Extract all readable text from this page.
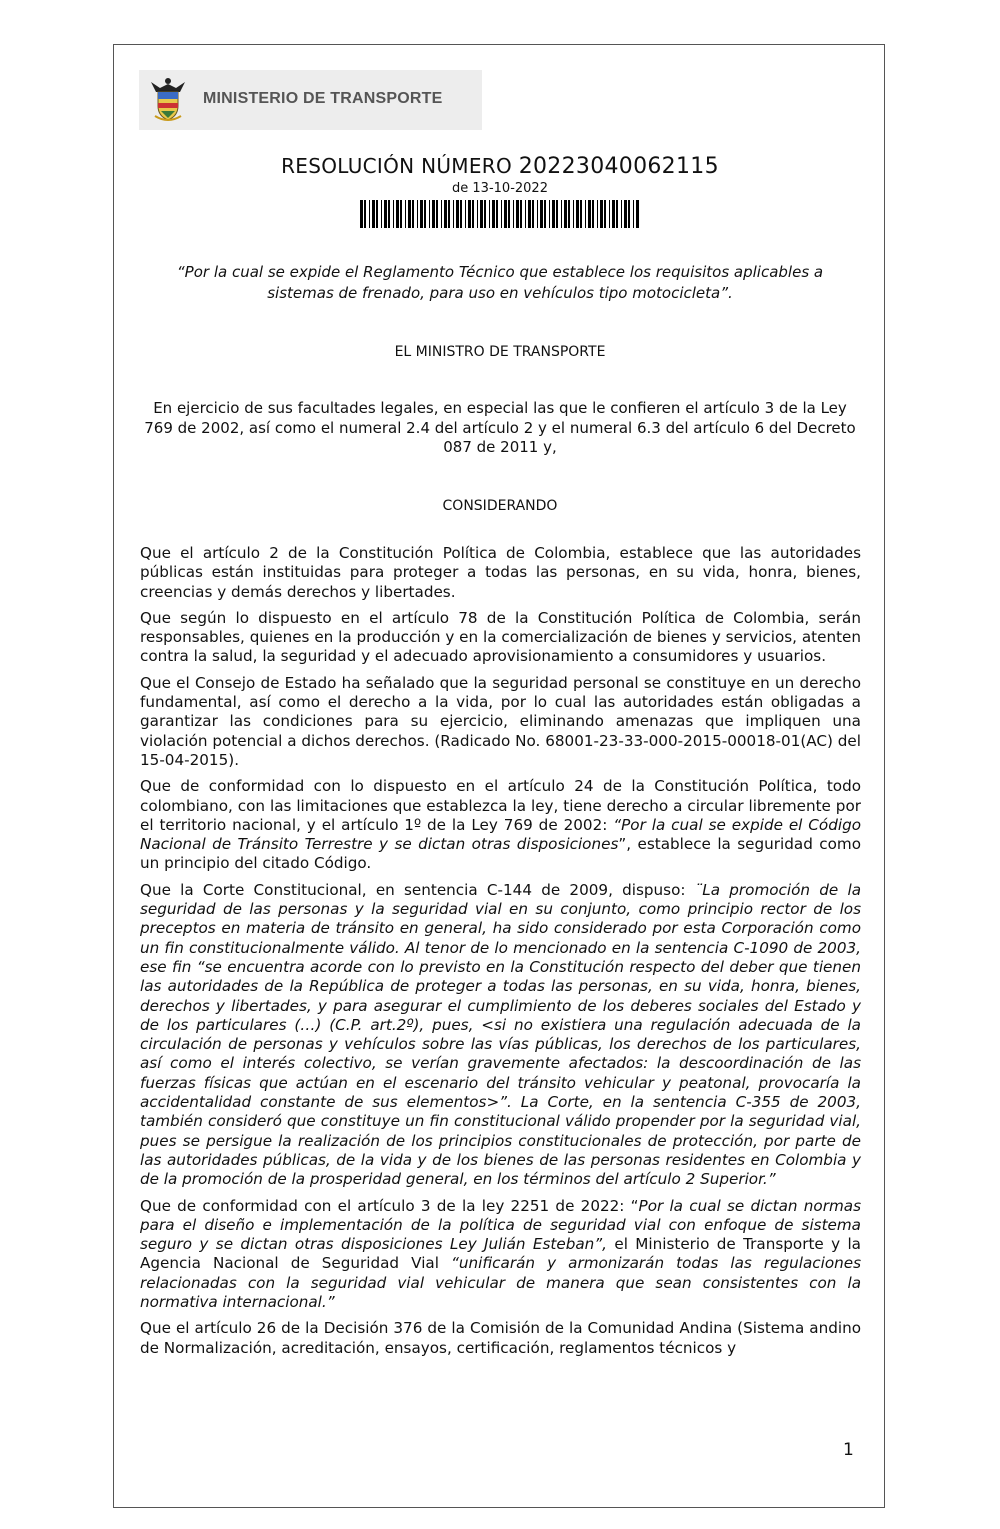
MINISTERIO DE TRANSPORTE
RESOLUCIÓN NÚMERO 20223040062115
de 13-10-2022
“Por la cual se expide el Reglamento Técnico que establece los requisitos aplicables a sistemas de frenado, para uso en vehículos tipo motocicleta”.
EL MINISTRO DE TRANSPORTE
En ejercicio de sus facultades legales, en especial las que le confieren el artículo 3 de la Ley 769 de 2002, así como el numeral 2.4 del artículo 2 y el numeral 6.3 del artículo 6 del Decreto 087 de 2011 y,
CONSIDERANDO

Que el artículo 2 de la Constitución Política de Colombia, establece que las autoridades públicas están instituidas para proteger a todas las personas, en su vida, honra, bienes, creencias y demás derechos y libertades.

Que según lo dispuesto en el artículo 78 de la Constitución Política de Colombia, serán responsables, quienes en la producción y en la comercialización de bienes y servicios, atenten contra la salud, la seguridad y el adecuado aprovisionamiento a consumidores y usuarios.

Que el Consejo de Estado ha señalado que la seguridad personal se constituye en un derecho fundamental, así como el derecho a la vida, por lo cual las autoridades están obligadas a garantizar las condiciones para su ejercicio, eliminando amenazas que impliquen una violación potencial a dichos derechos. (Radicado No. 68001-23-33-000-2015-00018-01(AC) del 15-04-2015).

Que de conformidad con lo dispuesto en el artículo 24 de la Constitución Política, todo colombiano, con las limitaciones que establezca la ley, tiene derecho a circular libremente por el territorio nacional, y el artículo 1º de la Ley 769 de 2002: “Por la cual se expide el Código Nacional de Tránsito Terrestre y se dictan otras disposiciones”, establece la seguridad como un principio del citado Código.

Que la Corte Constitucional, en sentencia C-144 de 2009, dispuso: ¨La promoción de la seguridad de las personas y la seguridad vial en su conjunto, como principio rector de los preceptos en materia de tránsito en general, ha sido considerado por esta Corporación como un fin constitucionalmente válido. Al tenor de lo mencionado en la sentencia C-1090 de 2003, ese fin “se encuentra acorde con lo previsto en la Constitución respecto del deber que tienen las autoridades de la República de proteger a todas las personas, en su vida, honra, bienes, derechos y libertades, y para asegurar el cumplimiento de los deberes sociales del Estado y de los particulares (…) (C.P. art.2º), pues, <si no existiera una regulación adecuada de la circulación de personas y vehículos sobre las vías públicas, los derechos de los particulares, así como el interés colectivo, se verían gravemente afectados: la descoordinación de las fuerzas físicas que actúan en el escenario del tránsito vehicular y peatonal, provocaría la accidentalidad constante de sus elementos>”. La Corte, en la sentencia C-355 de 2003, también consideró que constituye un fin constitucional válido propender por la seguridad vial, pues se persigue la realización de los principios constitucionales de protección, por parte de las autoridades públicas, de la vida y de los bienes de las personas residentes en Colombia y de la promoción de la prosperidad general, en los términos del artículo 2 Superior.”

Que de conformidad con el artículo 3 de la ley 2251 de 2022: “Por la cual se dictan normas para el diseño e implementación de la política de seguridad vial con enfoque de sistema seguro y se dictan otras disposiciones Ley Julián Esteban”, el Ministerio de Transporte y la Agencia Nacional de Seguridad Vial “unificarán y armonizarán todas las regulaciones relacionadas con la seguridad vial vehicular de manera que sean consistentes con la normativa internacional.”

Que el artículo 26 de la Decisión 376 de la Comisión de la Comunidad Andina (Sistema andino de Normalización, acreditación, ensayos, certificación, reglamentos técnicos y

1
